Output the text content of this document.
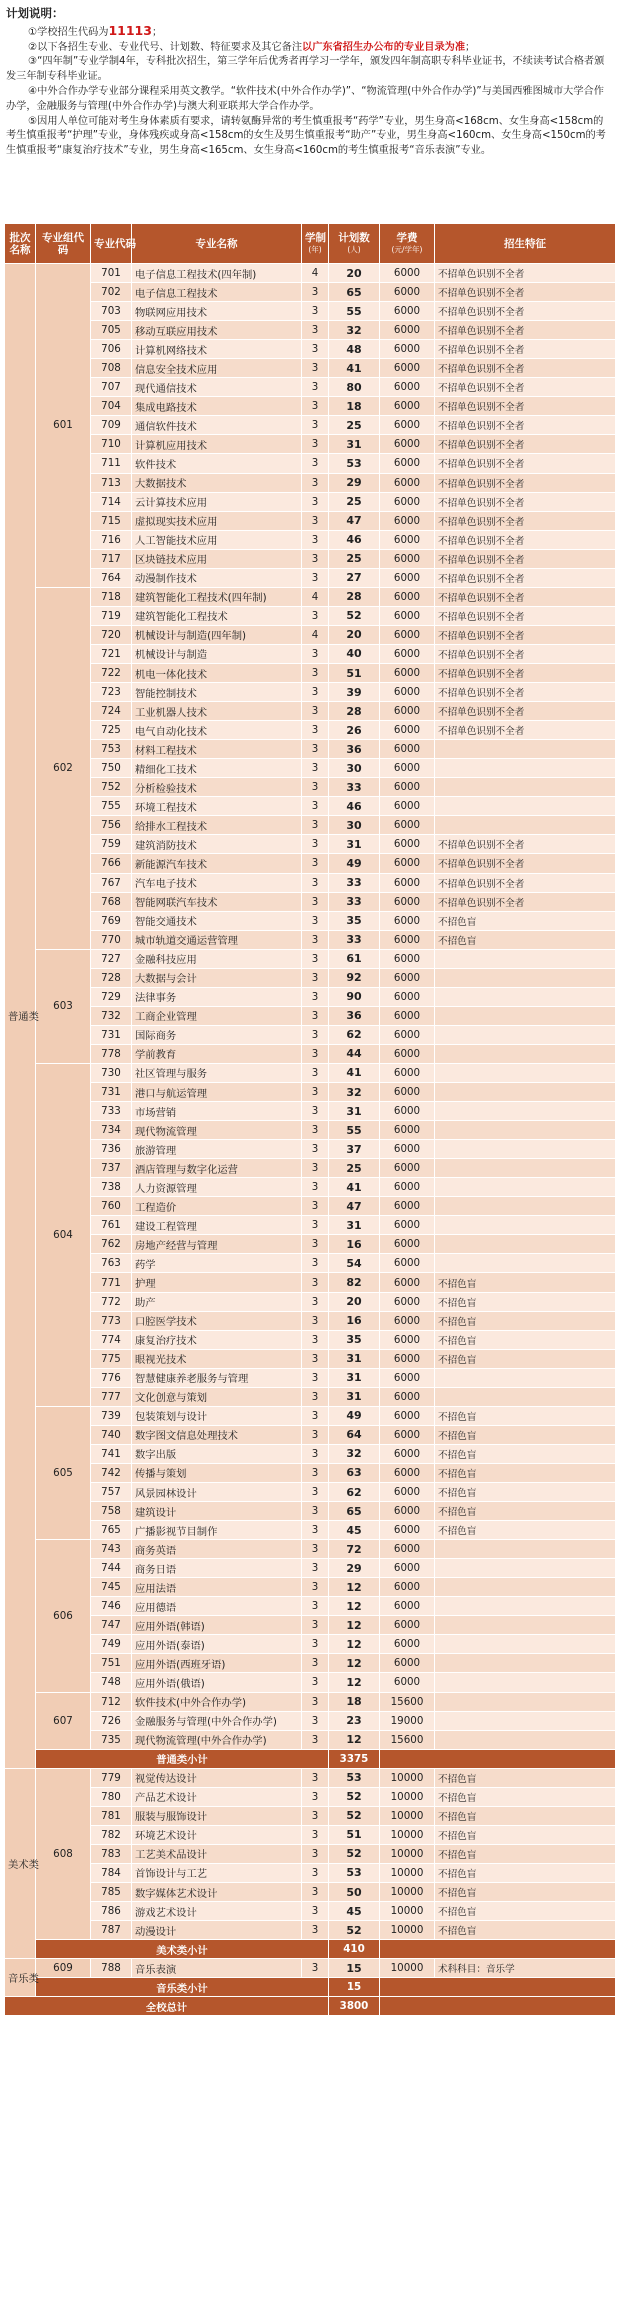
计划说明：

①学校招生代码为11113；

②以下各招生专业、专业代号、计划数、特征要求及其它备注以广东省招生办公布的专业目录为准；

③“四年制”专业学制4年，专科批次招生，第三学年后优秀者再学习一学年，颁发四年制高职专科毕业证书，不续读考试合格者颁发三年制专科毕业证。

④中外合作办学专业部分课程采用英文教学。“软件技术(中外合作办学)”、“物流管理(中外合作办学)”与美国西雅图城市大学合作办学，金融服务与管理(中外合作办学)与澳大利亚联邦大学合作办学。

⑤因用人单位可能对考生身体素质有要求，请转氨酶异常的考生慎重报考“药学”专业，男生身高<168cm、女生身高<158cm的考生慎重报考“护理”专业，身体残疾或身高<158cm的女生及男生慎重报考“助产”专业，男生身高<160cm、女生身高<150cm的考生慎重报考“康复治疗技术”专业，男生身高<165cm、女生身高<160cm的考生慎重报考“音乐表演”专业。

批次名称	专业组代码	专业代码	专业名称	学制
(年)	计划数
(人)	学费
(元/学年)	招生特征
普通类	601	701	电子信息工程技术(四年制)	4	20	6000	不招单色识别不全者
		702	电子信息工程技术	3	65	6000	不招单色识别不全者
		703	物联网应用技术	3	55	6000	不招单色识别不全者
		705	移动互联应用技术	3	32	6000	不招单色识别不全者
		706	计算机网络技术	3	48	6000	不招单色识别不全者
		708	信息安全技术应用	3	41	6000	不招单色识别不全者
		707	现代通信技术	3	80	6000	不招单色识别不全者
		704	集成电路技术	3	18	6000	不招单色识别不全者
		709	通信软件技术	3	25	6000	不招单色识别不全者
		710	计算机应用技术	3	31	6000	不招单色识别不全者
		711	软件技术	3	53	6000	不招单色识别不全者
		713	大数据技术	3	29	6000	不招单色识别不全者
		714	云计算技术应用	3	25	6000	不招单色识别不全者
		715	虚拟现实技术应用	3	47	6000	不招单色识别不全者
		716	人工智能技术应用	3	46	6000	不招单色识别不全者
		717	区块链技术应用	3	25	6000	不招单色识别不全者
		764	动漫制作技术	3	27	6000	不招单色识别不全者
	602	718	建筑智能化工程技术(四年制)	4	28	6000	不招单色识别不全者
		719	建筑智能化工程技术	3	52	6000	不招单色识别不全者
		720	机械设计与制造(四年制)	4	20	6000	不招单色识别不全者
		721	机械设计与制造	3	40	6000	不招单色识别不全者
		722	机电一体化技术	3	51	6000	不招单色识别不全者
		723	智能控制技术	3	39	6000	不招单色识别不全者
		724	工业机器人技术	3	28	6000	不招单色识别不全者
		725	电气自动化技术	3	26	6000	不招单色识别不全者
		753	材料工程技术	3	36	6000	
		750	精细化工技术	3	30	6000	
		752	分析检验技术	3	33	6000	
		755	环境工程技术	3	46	6000	
		756	给排水工程技术	3	30	6000	
		759	建筑消防技术	3	31	6000	不招单色识别不全者
		766	新能源汽车技术	3	49	6000	不招单色识别不全者
		767	汽车电子技术	3	33	6000	不招单色识别不全者
		768	智能网联汽车技术	3	33	6000	不招单色识别不全者
		769	智能交通技术	3	35	6000	不招色盲
		770	城市轨道交通运营管理	3	33	6000	不招色盲
	603	727	金融科技应用	3	61	6000	
		728	大数据与会计	3	92	6000	
		729	法律事务	3	90	6000	
		732	工商企业管理	3	36	6000	
		731	国际商务	3	62	6000	
		778	学前教育	3	44	6000	
	604	730	社区管理与服务	3	41	6000	
		731	港口与航运管理	3	32	6000	
		733	市场营销	3	31	6000	
		734	现代物流管理	3	55	6000	
		736	旅游管理	3	37	6000	
		737	酒店管理与数字化运营	3	25	6000	
		738	人力资源管理	3	41	6000	
		760	工程造价	3	47	6000	
		761	建设工程管理	3	31	6000	
		762	房地产经营与管理	3	16	6000	
		763	药学	3	54	6000	
		771	护理	3	82	6000	不招色盲
		772	助产	3	20	6000	不招色盲
		773	口腔医学技术	3	16	6000	不招色盲
		774	康复治疗技术	3	35	6000	不招色盲
		775	眼视光技术	3	31	6000	不招色盲
		776	智慧健康养老服务与管理	3	31	6000	
		777	文化创意与策划	3	31	6000	
	605	739	包装策划与设计	3	49	6000	不招色盲
		740	数字图文信息处理技术	3	64	6000	不招色盲
		741	数字出版	3	32	6000	不招色盲
		742	传播与策划	3	63	6000	不招色盲
		757	风景园林设计	3	62	6000	不招色盲
		758	建筑设计	3	65	6000	不招色盲
		765	广播影视节目制作	3	45	6000	不招色盲
	606	743	商务英语	3	72	6000	
		744	商务日语	3	29	6000	
		745	应用法语	3	12	6000	
		746	应用德语	3	12	6000	
		747	应用外语(韩语)	3	12	6000	
		749	应用外语(泰语)	3	12	6000	
		751	应用外语(西班牙语)	3	12	6000	
		748	应用外语(俄语)	3	12	6000	
	607	712	软件技术(中外合作办学)	3	18	15600	
		726	金融服务与管理(中外合作办学)	3	23	19000	
		735	现代物流管理(中外合作办学)	3	12	15600	
	普通类小计				3375		
美术类	608	779	视觉传达设计	3	53	10000	不招色盲
		780	产品艺术设计	3	52	10000	不招色盲
		781	服装与服饰设计	3	52	10000	不招色盲
		782	环境艺术设计	3	51	10000	不招色盲
		783	工艺美术品设计	3	52	10000	不招色盲
		784	首饰设计与工艺	3	53	10000	不招色盲
		785	数字媒体艺术设计	3	50	10000	不招色盲
		786	游戏艺术设计	3	45	10000	不招色盲
		787	动漫设计	3	52	10000	不招色盲
	美术类小计				410		
音乐类	609	788	音乐表演	3	15	10000	术科科目：音乐学
	音乐类小计				15		
全校总计					3800		
